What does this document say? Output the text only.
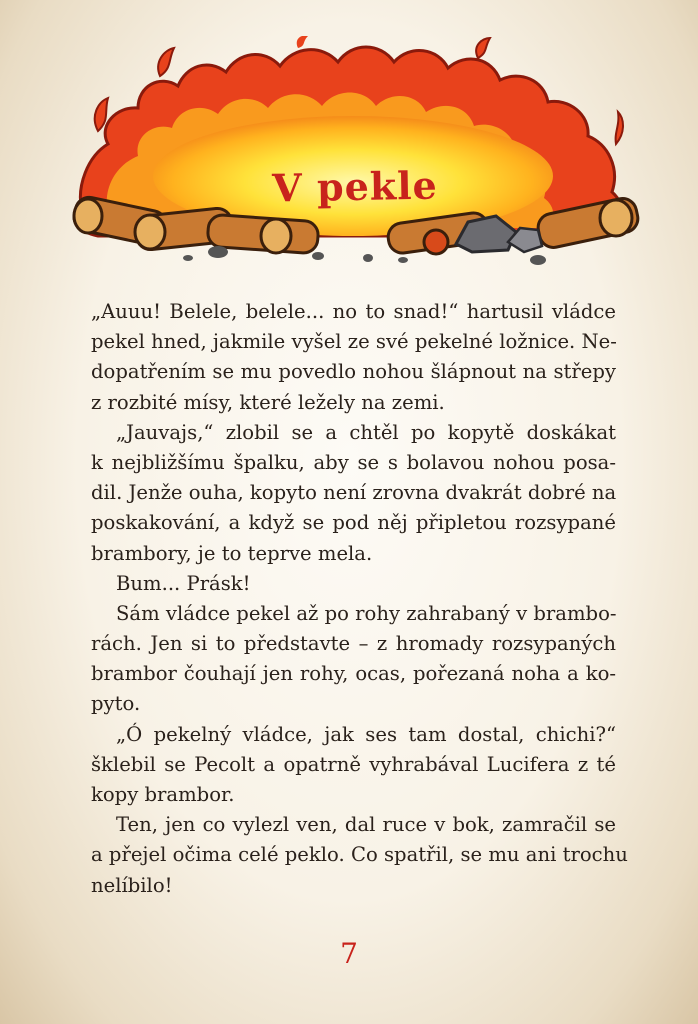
V pekle
„Auuu! Belele, belele... no to snad!“ hartusil vládce
pekel hned, jakmile vyšel ze své pekelné ložnice. Ne-
dopatřením se mu povedlo nohou šlápnout na střepy
z rozbité mísy, které ležely na zemi.
„Jauvajs,“ zlobil se a chtěl po kopytě doskákat
k nejbližšímu špalku, aby se s bolavou nohou posa-
dil. Jenže ouha, kopyto není zrovna dvakrát dobré na
poskakování, a když se pod něj připletou rozsypané
brambory, je to teprve mela.
Bum... Prásk!
Sám vládce pekel až po rohy zahrabaný v brambo-
rách. Jen si to představte – z hromady rozsypaných
brambor čouhají jen rohy, ocas, pořezaná noha a ko-
pyto.
„Ó pekelný vládce, jak ses tam dostal, chichi?“
šklebil se Pecolt a opatrně vyhrabával Lucifera z té
kopy brambor.
Ten, jen co vylezl ven, dal ruce v bok, zamračil se
a přejel očima celé peklo. Co spatřil, se mu ani trochu
nelíbilo!
7
